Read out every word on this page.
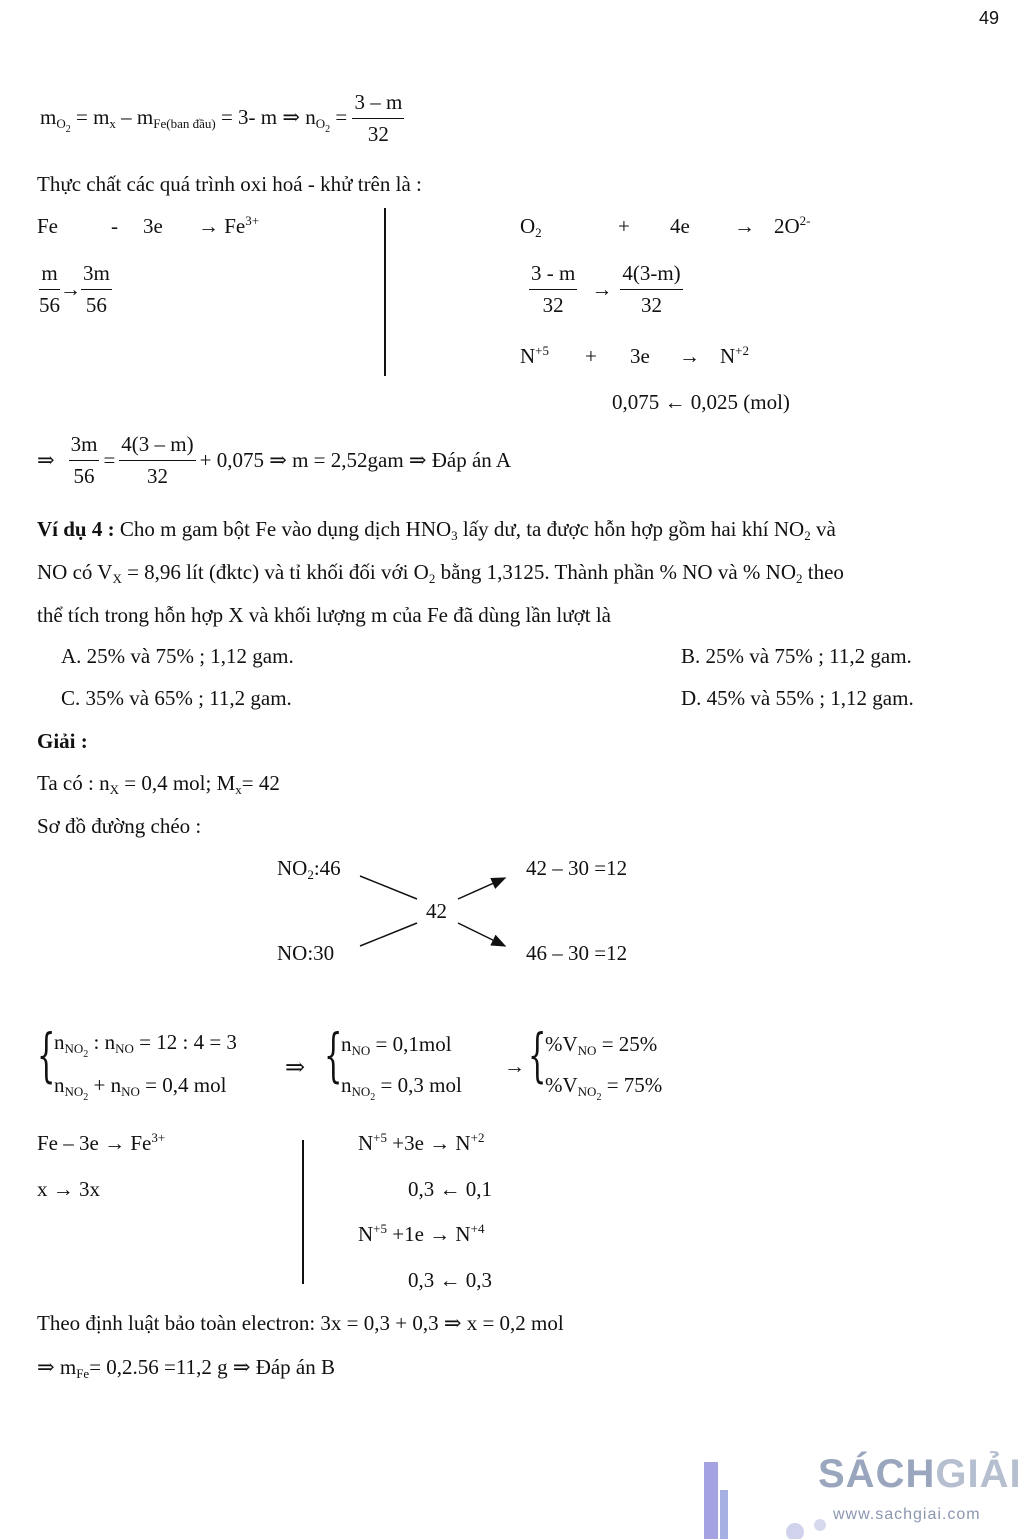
49
$m_{O_2} = m_x - m_{Fe(ban đầu)} = 3-$ m ⇒ $n_{O_2} = \frac{3 - m}{32}$
Thực chất các quá trình oxi hoá - khử trên là :
Fe	- $3e \to Fe^{3+}$
$\frac{m}{56} \to \frac{3m}{56}$
$O_2$	+ $4e \to 2O^{2-}$
$\frac{3 - m}{32} \to \frac{4(3-m)}{32}$
$N^{+5} + 3e \to N^{+2}$
0,075 ← 0,025 (mol)
⇒ $\frac{3m}{56} = \frac{4(3 - m)}{32} + 0,075$ ⇒ m = 2,52gam ⇒ Đáp án A
Ví dụ 4 : Cho m gam bột Fe vào dụng dịch $HNO_3$ lấy dư, ta được hỗn hợp gồm hai khí $NO_2$ và
NO có $V_X = 8,96$ lít (đktc) và tỉ khối đối với $O_2$ bằng 1,3125. Thành phần % NO và % $NO_2$ theo
thể tích trong hỗn hợp X và khối lượng m của Fe đã dùng lần lượt là
A. 25% và 75% ; 1,12 gam.	B. 25% và 75% ; 11,2 gam.
C. 35% và 65% ; 11,2 gam.	D. 45% và 55% ; 1,12 gam.
Giải :
Ta có : $n_X = 0,4$ mol; $M_x= 42$
Sơ đồ đường chéo :
$NO_2:46$
42
NO:30
42 – 30 =12
46 – 30 =12
{
$n_{NO_2}$ : $n_{NO} = 12$ : 4 = 3
$n_{NO_2} + n_{NO} = 0,4$ mol
⇒ {
$n_{NO} = 0,1mol$
$n_{NO_2} = 0,3$ mol
→ {
$\%V_{NO} = 25\%$
$\%V_{NO_2} = 75\%$
$Fe - 3e \to Fe^{3+}$
x → 3x
$N^{+5} +3e \to N^{+2}$
0,3 ← 0,1
$N^{+5} +1e \to N^{+4}$
0,3 ← 0,3
Theo định luật bảo toàn electron: 3x = 0,3 + 0,3 ⇒ x = 0,2 mol
⇒ $m_{Fe}= 0,2.56 =11,2$ g ⇒ Đáp án B
SÁCHGIẢI
www.sachgiai.com
